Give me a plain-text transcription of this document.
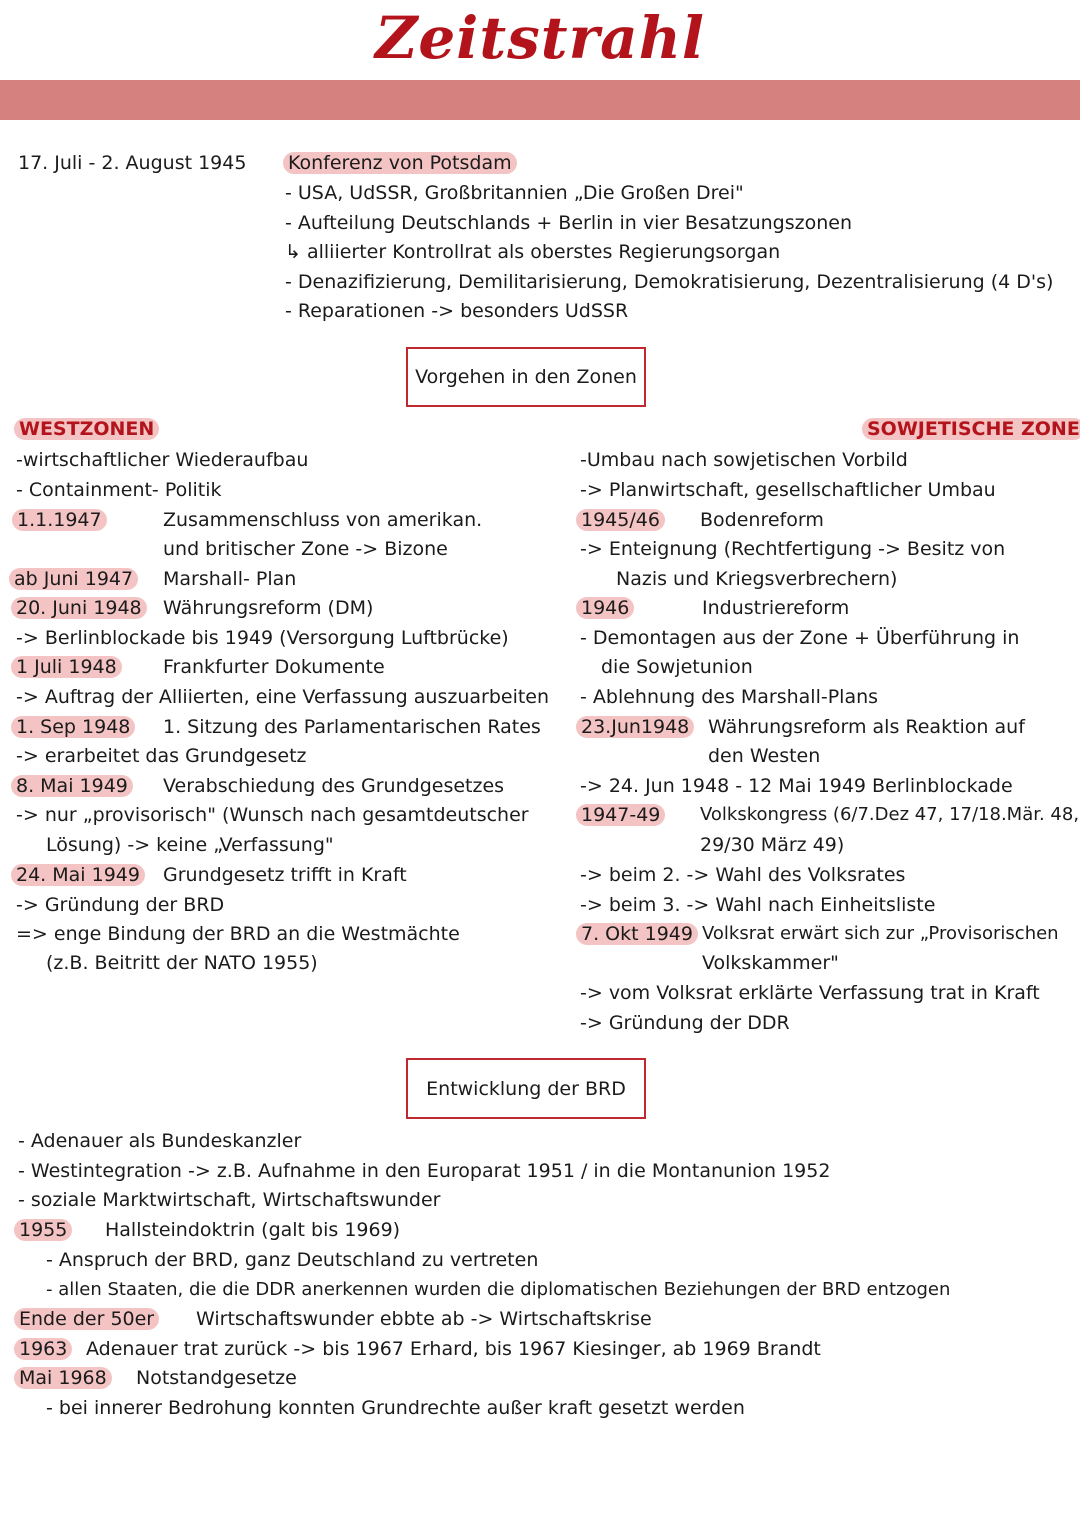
Zeitstrahl
17. Juli - 2. August 1945 Konferenz von Potsdam
- USA, UdSSR, Großbritannien „Die Großen Drei"
- Aufteilung Deutschlands + Berlin in vier Besatzungszonen
↳ alliierter Kontrollrat als oberstes Regierungsorgan
- Denazifizierung, Demilitarisierung, Demokratisierung, Dezentralisierung (4 D's)
- Reparationen -> besonders UdSSR
Vorgehen in den Zonen
WESTZONEN
-wirtschaftlicher Wiederaufbau
- Containment- Politik
1.1.1947	Zusammenschluss von amerikan.
und britischer Zone -> Bizone
ab Juni 1947 Marshall- Plan
20. Juni 1948 Währungsreform (DM)
-> Berlinblockade bis 1949 (Versorgung Luftbrücke)
1 Juli 1948 Frankfurter Dokumente
-> Auftrag der Alliierten, eine Verfassung auszuarbeiten
1. Sep 1948 1. Sitzung des Parlamentarischen Rates
-> erarbeitet das Grundgesetz
8. Mai 1949 Verabschiedung des Grundgesetzes
-> nur „provisorisch" (Wunsch nach gesamtdeutscher
Lösung) -> keine „Verfassung"
24. Mai 1949 Grundgesetz trifft in Kraft
-> Gründung der BRD
=> enge Bindung der BRD an die Westmächte
(z.B. Beitritt der NATO 1955)
SOWJETISCHE ZONE
-Umbau nach sowjetischen Vorbild
-> Planwirtschaft, gesellschaftlicher Umbau
1945/46 Bodenreform
-> Enteignung (Rechtfertigung -> Besitz von
Nazis und Kriegsverbrechern)
1946	Industriereform
- Demontagen aus der Zone + Überführung in
die Sowjetunion
- Ablehnung des Marshall-Plans
23.Jun1948 Währungsreform als Reaktion auf
den Westen
-> 24. Jun 1948 - 12 Mai 1949 Berlinblockade
1947-49 Volkskongress (6/7.Dez 47, 17/18.Mär. 48,
29/30 März 49)
-> beim 2. -> Wahl des Volksrates
-> beim 3. -> Wahl nach Einheitsliste
7. Okt 1949 Volksrat erwärt sich zur „Provisorischen
Volkskammer"
-> vom Volksrat erklärte Verfassung trat in Kraft
-> Gründung der DDR
Entwicklung der BRD
- Adenauer als Bundeskanzler
- Westintegration -> z.B. Aufnahme in den Europarat 1951 / in die Montanunion 1952
- soziale Marktwirtschaft, Wirtschaftswunder
1955 Hallsteindoktrin (galt bis 1969)
- Anspruch der BRD, ganz Deutschland zu vertreten
- allen Staaten, die die DDR anerkennen wurden die diplomatischen Beziehungen der BRD entzogen
Ende der 50er Wirtschaftswunder ebbte ab -> Wirtschaftskrise
1963 Adenauer trat zurück -> bis 1967 Erhard, bis 1967 Kiesinger, ab 1969 Brandt
Mai 1968 Notstandgesetze
- bei innerer Bedrohung konnten Grundrechte außer kraft gesetzt werden
